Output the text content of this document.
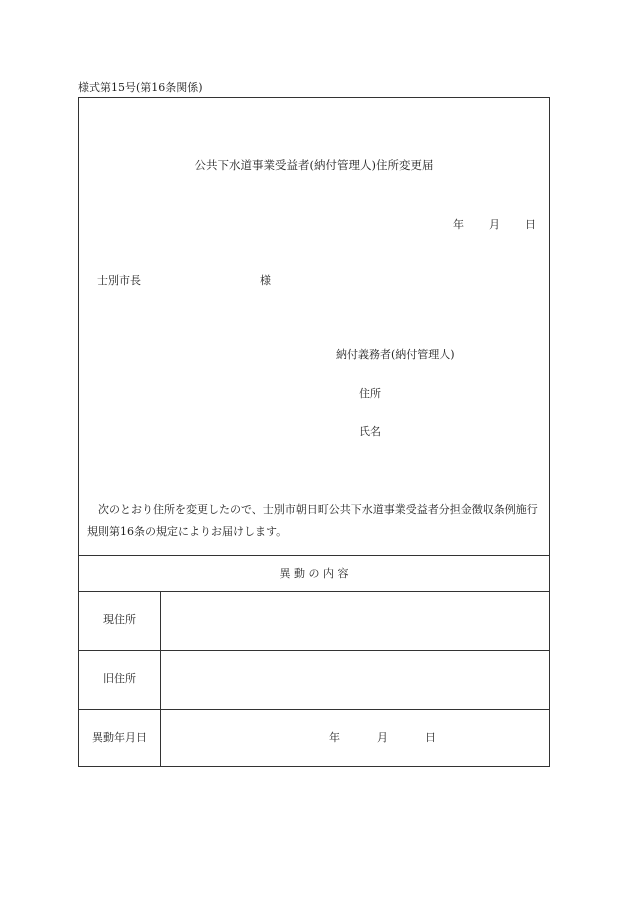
様式第15号(第16条関係)
公共下水道事業受益者(納付管理人)住所変更届
年 月 日
士別市長	様
納付義務者(納付管理人)
住所
氏名
次のとおり住所を変更したので、士別市朝日町公共下水道事業受益者分担金徴収条例施行規則第16条の規定によりお届けします。
異 動 の 内 容
現住所
旧住所
異動年月日	年	月	日
